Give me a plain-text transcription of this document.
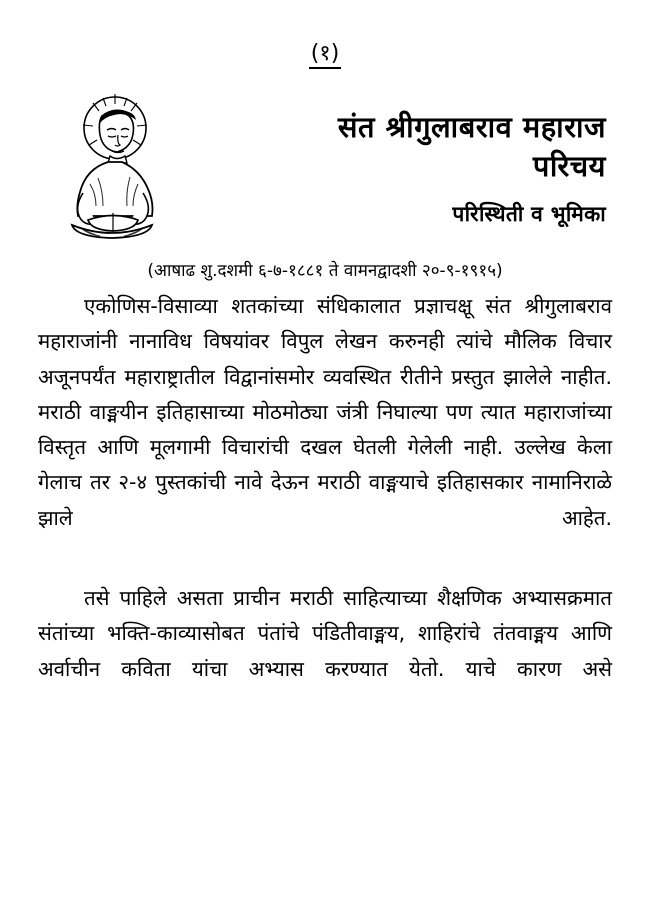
(१)
संत श्रीगुलाबराव महाराज
परिचय
परिस्थिती व भूमिका
(आषाढ शु.दशमी ६-७-१८८१ ते वामनद्वादशी २०-९-१९१५)

एकोणिस-विसाव्या शतकांच्या संधिकालात प्रज्ञाचक्षू संत श्रीगुलाबराव महाराजांनी नानाविध विषयांवर विपुल लेखन करुनही त्यांचे मौलिक विचार अजूनपर्यंत महाराष्ट्रातील विद्वानांसमोर व्यवस्थित रीतीने प्रस्तुत झालेले नाहीत. मराठी वाङ्मयीन इतिहासाच्या मोठमोठ्या जंत्री निघाल्या पण त्यात महाराजांच्या विस्तृत आणि मूलगामी विचारांची दखल घेतली गेलेली नाही. उल्लेख केला गेलाच तर २-४ पुस्तकांची नावे देऊन मराठी वाङ्मयाचे इतिहासकार नामानिराळे झाले आहेत.

तसे पाहिले असता प्राचीन मराठी साहित्याच्या शैक्षणिक अभ्यासक्रमात संतांच्या भक्ति-काव्यासोबत पंतांचे पंडितीवाङ्मय, शाहिरांचे तंतवाङ्मय आणि अर्वाचीन कविता यांचा अभ्यास करण्यात येतो. याचे कारण असे
